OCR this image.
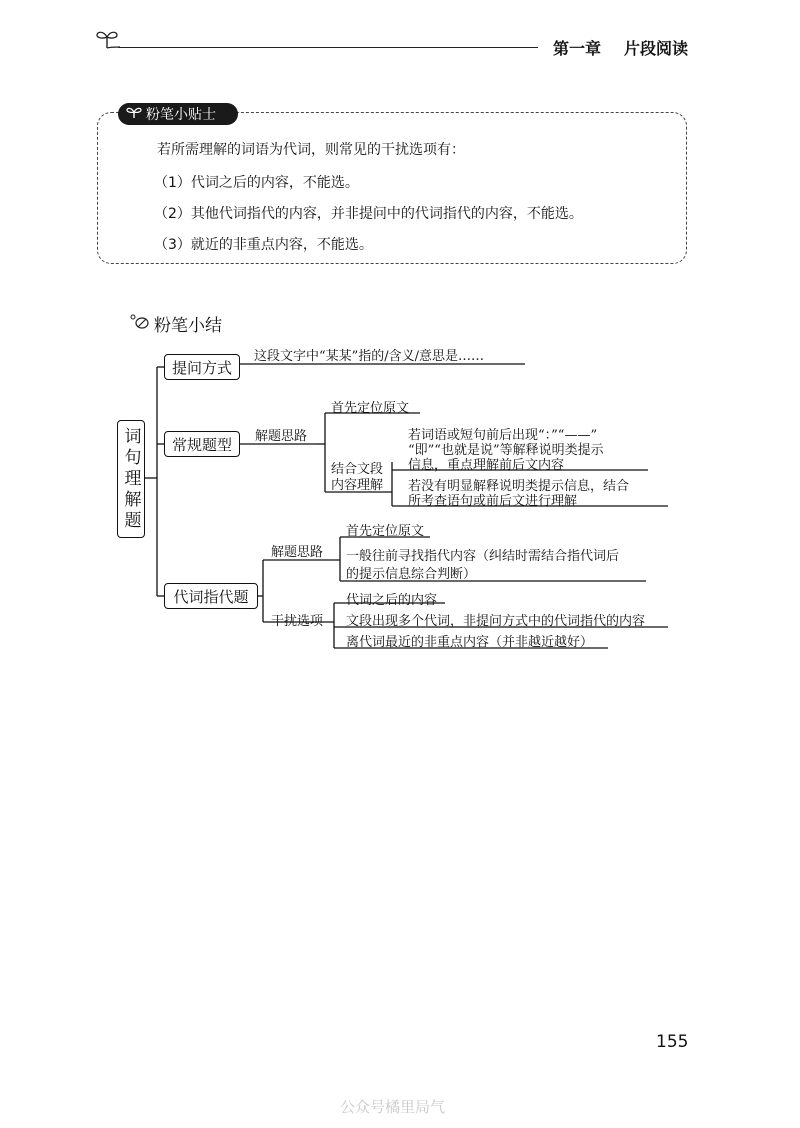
第一章 片段阅读
粉笔小贴士
若所需理解的词语为代词，则常见的干扰选项有：
（1）代词之后的内容，不能选。
（2）其他代词指代的内容，并非提问中的代词指代的内容，不能选。
（3）就近的非重点内容，不能选。
粉笔小结
词句理解题
提问方式
这段文字中“某某”指的/含义/意思是……
常规题型	解题思路
首先定位原文
结合文段
内容理解
若词语或短句前后出现“：”“——”
“即”“也就是说”等解释说明类提示
信息，重点理解前后文内容
若没有明显解释说明类提示信息，结合
所考查语句或前后文进行理解
代词指代题
解题思路
首先定位原文
一般往前寻找指代内容（纠结时需结合指代词后
的提示信息综合判断）
干扰选项
代词之后的内容
文段出现多个代词，非提问方式中的代词指代的内容
离代词最近的非重点内容（并非越近越好）
155
公众号橘里局气
